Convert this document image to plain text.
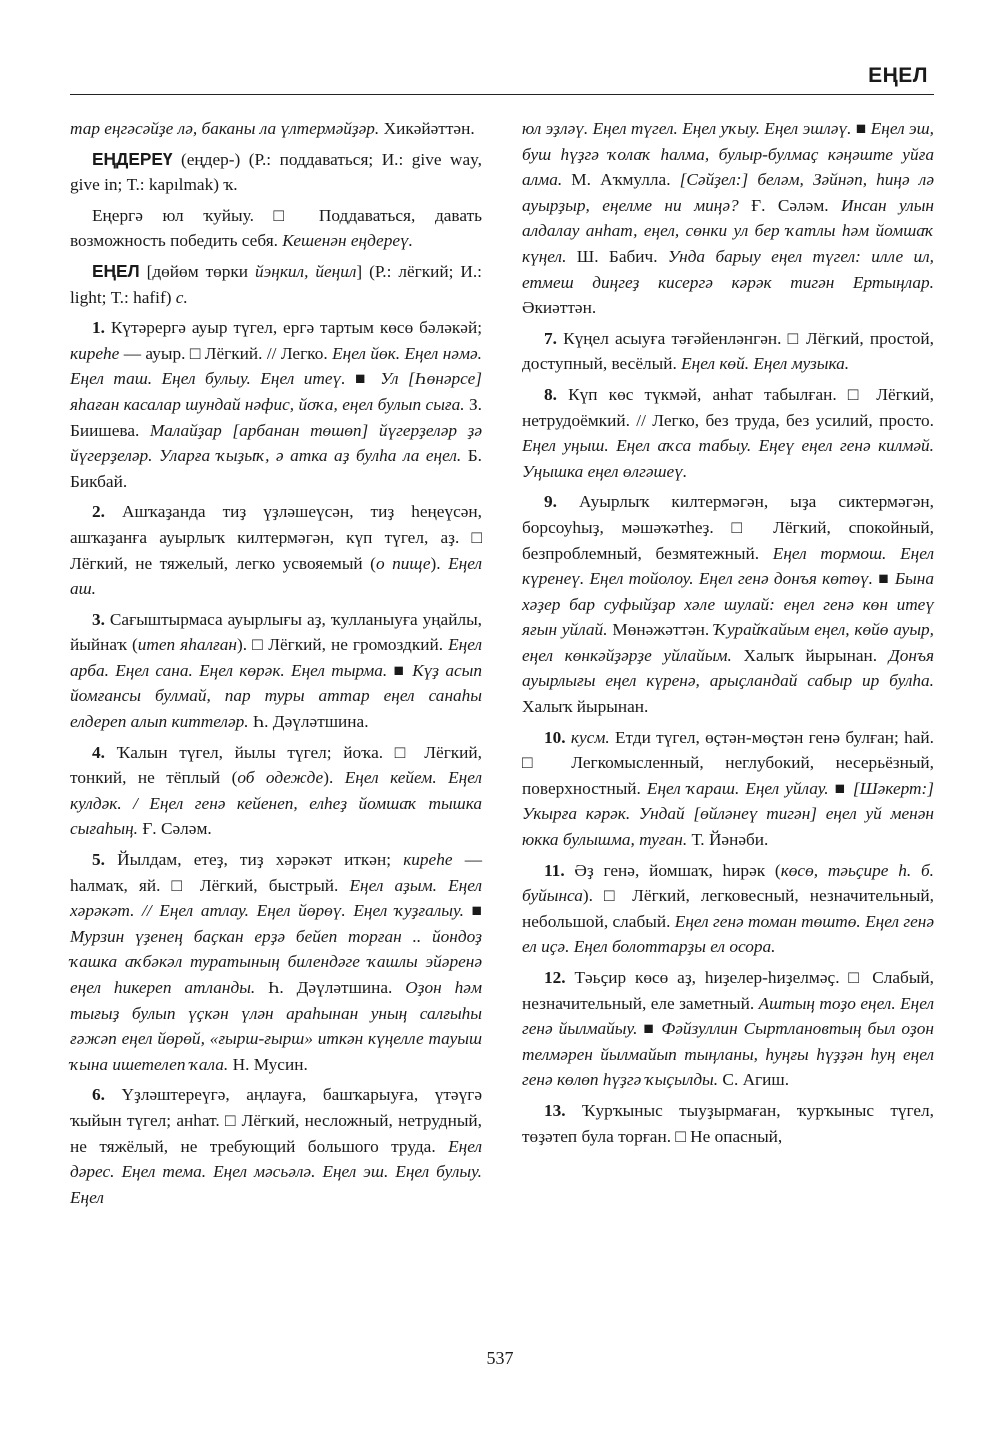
ЕҢЕЛ

тар еңгәсәйҙе лә, баканы ла үлтермәйҙәр. Хикәйәттән.

ЕҢДЕРЕҮ (еңдер-) (Р.: поддаваться; И.: give way, give in; Т.: kapılmak) ҡ.

Еңергә юл ҡуйыу. □ Поддаваться, давать возможность победить себя. Кешенән еңдереү.

ЕҢЕЛ [дөйөм төрки йэңкил, йеңил] (Р.: лёгкий; И.: light; Т.: hafif) с.

1. Күтәрергә ауыр түгел, ергә тартым көсө бәләкәй; киреһе — ауыр. □ Лёгкий. // Легко. Еңел йөк. Еңел нәмә. Еңел таш. Еңел булыу. Еңел итеү. ■ Ул [Һөнәрсе] яһаған касалар шундай нәфис, йоҡа, еңел булып сыға. З. Биишева. Малайҙар [арбанан төшөп] йүгерҙеләр ҙә йүгерҙеләр. Уларға ҡыҙыҡ, ә атка аҙ булһа ла еңел. Б. Бикбай.

2. Ашҡаҙанда тиҙ үҙләшеүсән, тиҙ һеңеүсән, ашҡаҙанға ауырлыҡ килтермәгән, күп түгел, аҙ. □ Лёгкий, не тяжелый, легко усвояемый (о пище). Еңел аш.

3. Сағыштырмаса ауырлығы аҙ, ҡулланыуға уңайлы, йыйнаҡ (итеп яһалған). □ Лёгкий, не громоздкий. Еңел арба. Еңел сана. Еңел көрәк. Еңел тырма. ■ Күҙ асып йомғансы булмай, пар туры аттар еңел санаһы елдереп алып киттеләр. Һ. Дәүләтшина.

4. Ҡалын түгел, йылы түгел; йоҡа. □ Лёгкий, тонкий, не тёплый (об одежде). Еңел кейем. Еңел кулдәк. / Еңел генә кейенеп, елһеҙ йомшаҡ тышка сығаһың. Ғ. Сәләм.

5. Йылдам, етеҙ, тиҙ хәрәкәт иткән; киреһе — һалмаҡ, яй. □ Лёгкий, быстрый. Еңел аҙым. Еңел хәрәкәт. // Еңел атлау. Еңел йөрөү. Еңел ҡуҙғалыу. ■ Мурзин үҙенең баҫкан ерҙә бейеп торған .. йондоҙ ҡашка аҡбәкәл туратының билендәге ҡашлы эйәренә еңел һикереп атланды. Һ. Дәүләтшина. Оҙон һәм тығыҙ булып үҫкән үлән араһынан уның салғыһы ғәжәп еңел йөрөй, «ғырш-ғырш» иткән күңелле тауыш ҡына ишетелеп ҡала. Н. Мусин.

6. Үҙләштереүгә, аңлауға, башҡарыуға, үтәүгә ҡыйын түгел; анһат. □ Лёгкий, несложный, нетрудный, не тяжёлый, не требующий большого труда. Еңел дәрес. Еңел тема. Еңел мәсьәлә. Еңел эш. Еңел булыу. Еңел

юл эҙләү. Еңел түгел. Еңел уҡыу. Еңел эшләү. ■ Еңел эш, буш һүҙгә ҡолаҡ һалма, булыр-булмаҫ кәңәште уйға алма. М. Аҡмулла. [Сәйҙел:] беләм, Зәйнәп, һиңә лә ауырҙыр, еңелме ни миңә? Ғ. Сәләм. Инсан улын алдалау анһат, еңел, сөнки ул бер ҡатлы һәм йомшаҡ күңел. Ш. Бабич. Унда барыу еңел түгел: илле ил, етмеш диңгеҙ кисергә кәрәк тигән Ертыңлар. Әкиәттән.

7. Күңел асыуға тәғәйенләнгән. □ Лёгкий, простой, доступный, весёлый. Еңел көй. Еңел музыка.

8. Күп көс түкмәй, анһат табылған. □ Лёгкий, нетрудоёмкий. // Легко, без труда, без усилий, просто. Еңел уңыш. Еңел аҡса табыу. Еңеү еңел генә килмәй. Уңышка еңел өлгәшеү.

9. Ауырлыҡ килтермәгән, ыҙа сиктермәгән, борсоуһыҙ, мәшәҡәтһеҙ. □ Лёгкий, спокойный, безпроблемный, безмятежный. Еңел тормош. Еңел күренеү. Еңел тойолоу. Еңел генә донъя көтөү. ■ Бына хәҙер бар суфыйҙар хәле шулай: еңел генә көн итеү яғын уйлай. Мөнәжәттән. Ҡурайҡайым еңел, көйө ауыр, еңел көнкәйҙәрҙе уйлайым. Халыҡ йырынан. Донъя ауырлығы еңел күренә, арыҫландай сабыр ир булһа. Халыҡ йырынан.

10. кусм. Етди түгел, өҫтән-мөҫтән генә булған; һай. □ Легкомысленный, неглубокий, несерьёзный, поверхностный. Еңел ҡараш. Еңел уйлау. ■ [Шәкерт:] Укырға кәрәк. Ундай [өйләнеү тигән] еңел уй менән юкка булышма, туған. Т. Йәнәби.

11. Әҙ генә, йомшаҡ, һирәк (көсө, тәьҫире һ. б. буйынса). □ Лёгкий, легковесный, незначительный, небольшой, слабый. Еңел генә томан төштө. Еңел генә ел иҫә. Еңел болоттарҙы ел осора.

12. Тәьҫир көсө аҙ, һиҙелер-һиҙелмәҫ. □ Слабый, незначительный, еле заметный. Аштың тоҙо еңел. Еңел генә йылмайыу. ■ Фәйзуллин Сыртлановтың был оҙон телмәрен йылмайып тыңланы, һуңғы һүҙҙән һуң еңел генә көлөп һүҙгә ҡыҫылды. С. Агиш.

13. Ҡурҡыныс тыуҙырмаған, ҡурҡыныс түгел, төҙәтеп була торған. □ Не опасный,

537
